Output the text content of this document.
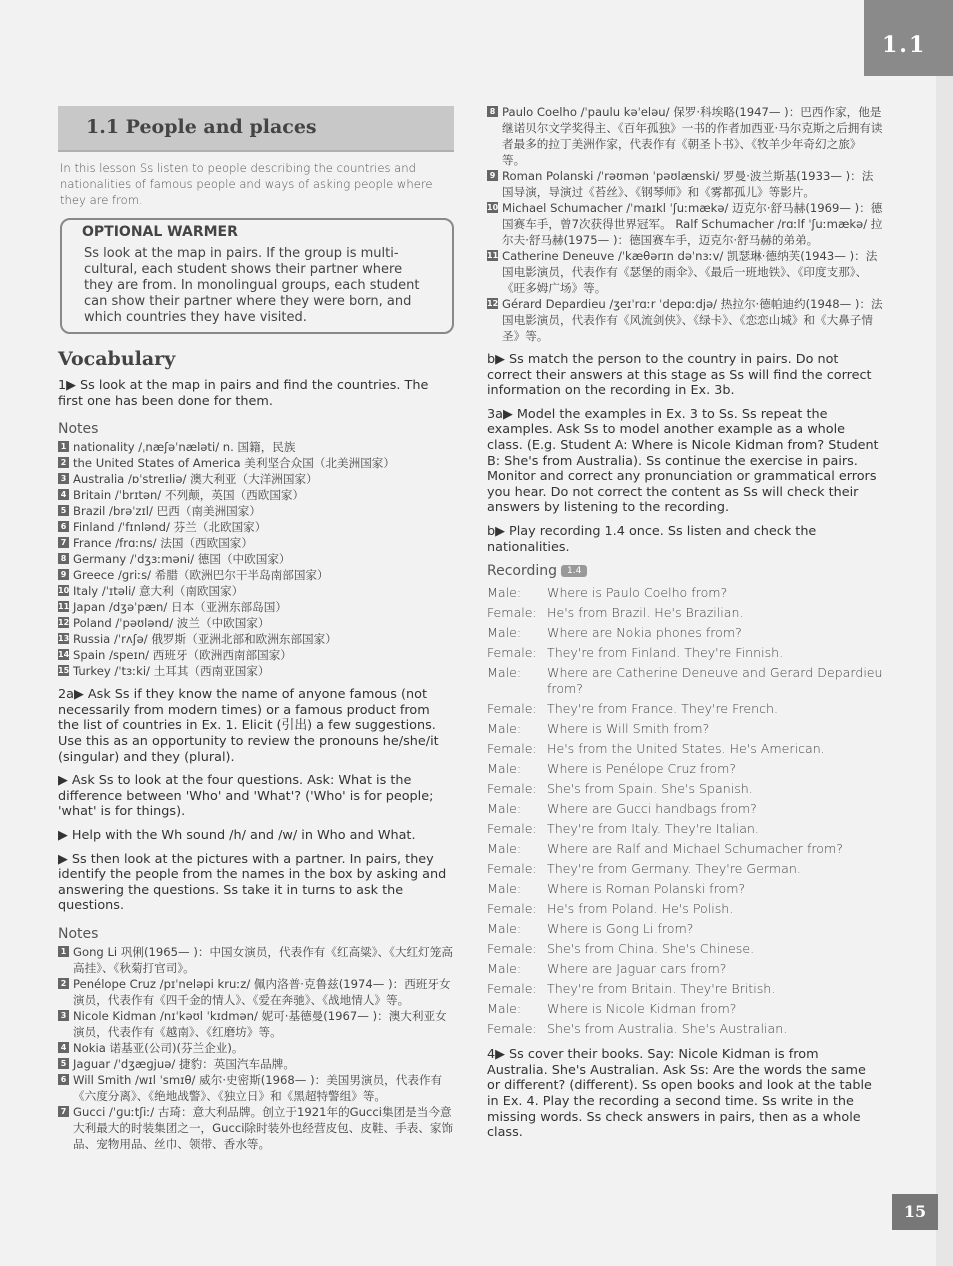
1.1
1.1 People and places

In this lesson Ss listen to people describing the countries and nationalities of famous people and ways of asking people where they are from.

OPTIONAL WARMER

Ss look at the map in pairs. If the group is multi-cultural, each student shows their partner where they are from. In monolingual groups, each student can show their partner where they were born, and which countries they have visited.

Vocabulary

1▶ Ss look at the map in pairs and find the countries. The first one has been done for them.

Notes
1 nationality /ˌnæʃəˈnæləti/ n. 国籍，民族
2 the United States of America 美利坚合众国（北美洲国家）
3 Australia /ɒˈstreɪliə/ 澳大利亚（大洋洲国家）
4 Britain /ˈbrɪtən/ 不列颠，英国（西欧国家）
5 Brazil /brəˈzɪl/ 巴西（南美洲国家）
6 Finland /ˈfɪnlənd/ 芬兰（北欧国家）
7 France /frɑːns/ 法国（西欧国家）
8 Germany /ˈdʒɜːməni/ 德国（中欧国家）
9 Greece /ɡriːs/ 希腊（欧洲巴尔干半岛南部国家）
10 Italy /ˈɪtəli/ 意大利（南欧国家）
11 Japan /dʒəˈpæn/ 日本（亚洲东部岛国）
12 Poland /ˈpəʊlənd/ 波兰（中欧国家）
13 Russia /ˈrʌʃə/ 俄罗斯（亚洲北部和欧洲东部国家）
14 Spain /speɪn/ 西班牙（欧洲西南部国家）
15 Turkey /ˈtɜːki/ 土耳其（西南亚国家）

2a▶ Ask Ss if they know the name of anyone famous (not necessarily from modern times) or a famous product from the list of countries in Ex. 1. Elicit (引出) a few suggestions. Use this as an opportunity to review the pronouns he/she/it (singular) and they (plural).

▶ Ask Ss to look at the four questions. Ask: What is the difference between 'Who' and 'What'? ('Who' is for people; 'what' is for things).

▶ Help with the Wh sound /h/ and /w/ in Who and What.

▶ Ss then look at the pictures with a partner. In pairs, they identify the people from the names in the box by asking and answering the questions. Ss take it in turns to ask the questions.

Notes
1 Gong Li 巩俐(1965— )：中国女演员，代表作有《红高粱》、《大红灯笼高高挂》、《秋菊打官司》。
2 Penélope Cruz /pɪˈneləpi kruːz/ 佩内洛普·克鲁兹(1974— )：西班牙女演员，代表作有《四千金的情人》、《爱在奔驰》、《战地情人》等。
3 Nicole Kidman /nɪˈkəʊl ˈkɪdmən/ 妮可·基德曼(1967— )：澳大利亚女演员，代表作有《越南》、《红磨坊》等。
4 Nokia 诺基亚(公司)(芬兰企业)。
5 Jaguar /ˈdʒæɡjuə/ 捷豹：英国汽车品牌。
6 Will Smith /wɪl ˈsmɪθ/ 威尔·史密斯(1968— )：美国男演员，代表作有《六度分离》、《绝地战警》、《独立日》和《黑超特警组》等。
7 Gucci /ˈɡuːtʃiː/ 古琦：意大利品牌。创立于1921年的Gucci集团是当今意大利最大的时装集团之一，Gucci除时装外也经营皮包、皮鞋、手表、家饰品、宠物用品、丝巾、领带、香水等。
8 Paulo Coelho /ˈpaulu kəˈeləu/ 保罗·科埃略(1947— )：巴西作家，他是继诺贝尔文学奖得主、《百年孤独》一书的作者加西亚·马尔克斯之后拥有读者最多的拉丁美洲作家，代表作有《朝圣卜书》、《牧羊少年奇幻之旅》等。
9 Roman Polanski /ˈrəʊmən ˈpəʊlænski/ 罗曼·波兰斯基(1933— )：法国导演，导演过《苔丝》、《钢琴师》和《雾都孤儿》等影片。
10 Michael Schumacher /ˈmaɪkl ˈʃuːmækə/ 迈克尔·舒马赫(1969— )：德国赛车手，曾7次获得世界冠军。 Ralf Schumacher /rɑːlf ˈʃuːmækə/ 拉尔夫·舒马赫(1975— )：德国赛车手，迈克尔·舒马赫的弟弟。
11 Catherine Deneuve /ˈkæθərɪn dəˈnɜːv/ 凯瑟琳·德纳芙(1943— )：法国电影演员，代表作有《瑟堡的雨伞》、《最后一班地铁》、《印度支那》、《旺多姆广场》等。
12 Gérard Depardieu /ʒeɪˈrɑːr ˈdepɑːdjə/ 热拉尔·德帕迪约(1948— )：法国电影演员，代表作有《风流剑侠》、《绿卡》、《恋恋山城》和《大鼻子情圣》等。

b▶ Ss match the person to the country in pairs. Do not correct their answers at this stage as Ss will find the correct information on the recording in Ex. 3b.

3a▶ Model the examples in Ex. 3 to Ss. Ss repeat the examples. Ask Ss to model another example as a whole class. (E.g. Student A: Where is Nicole Kidman from? Student B: She's from Australia). Ss continue the exercise in pairs. Monitor and correct any pronunciation or grammatical errors you hear. Do not correct the content as Ss will check their answers by listening to the recording.

b▶ Play recording 1.4 once. Ss listen and check the nationalities.

Recording 1.4
Male:	Where is Paulo Coelho from?
Female: He's from Brazil. He's Brazilian.
Male:	Where are Nokia phones from?
Female: They're from Finland. They're Finnish.
Male:	Where are Catherine Deneuve and Gerard Depardieu from?
Female: They're from France. They're French.
Male:	Where is Will Smith from?
Female: He's from the United States. He's American.
Male:	Where is Penélope Cruz from?
Female: She's from Spain. She's Spanish.
Male:	Where are Gucci handbags from?
Female: They're from Italy. They're Italian.
Male:	Where are Ralf and Michael Schumacher from?
Female: They're from Germany. They're German.
Male:	Where is Roman Polanski from?
Female: He's from Poland. He's Polish.
Male:	Where is Gong Li from?
Female: She's from China. She's Chinese.
Male:	Where are Jaguar cars from?
Female: They're from Britain. They're British.
Male:	Where is Nicole Kidman from?
Female: She's from Australia. She's Australian.

4▶ Ss cover their books. Say: Nicole Kidman is from Australia. She's Australian. Ask Ss: Are the words the same or different? (different). Ss open books and look at the table in Ex. 4. Play the recording a second time. Ss write in the missing words. Ss check answers in pairs, then as a whole class.

15
